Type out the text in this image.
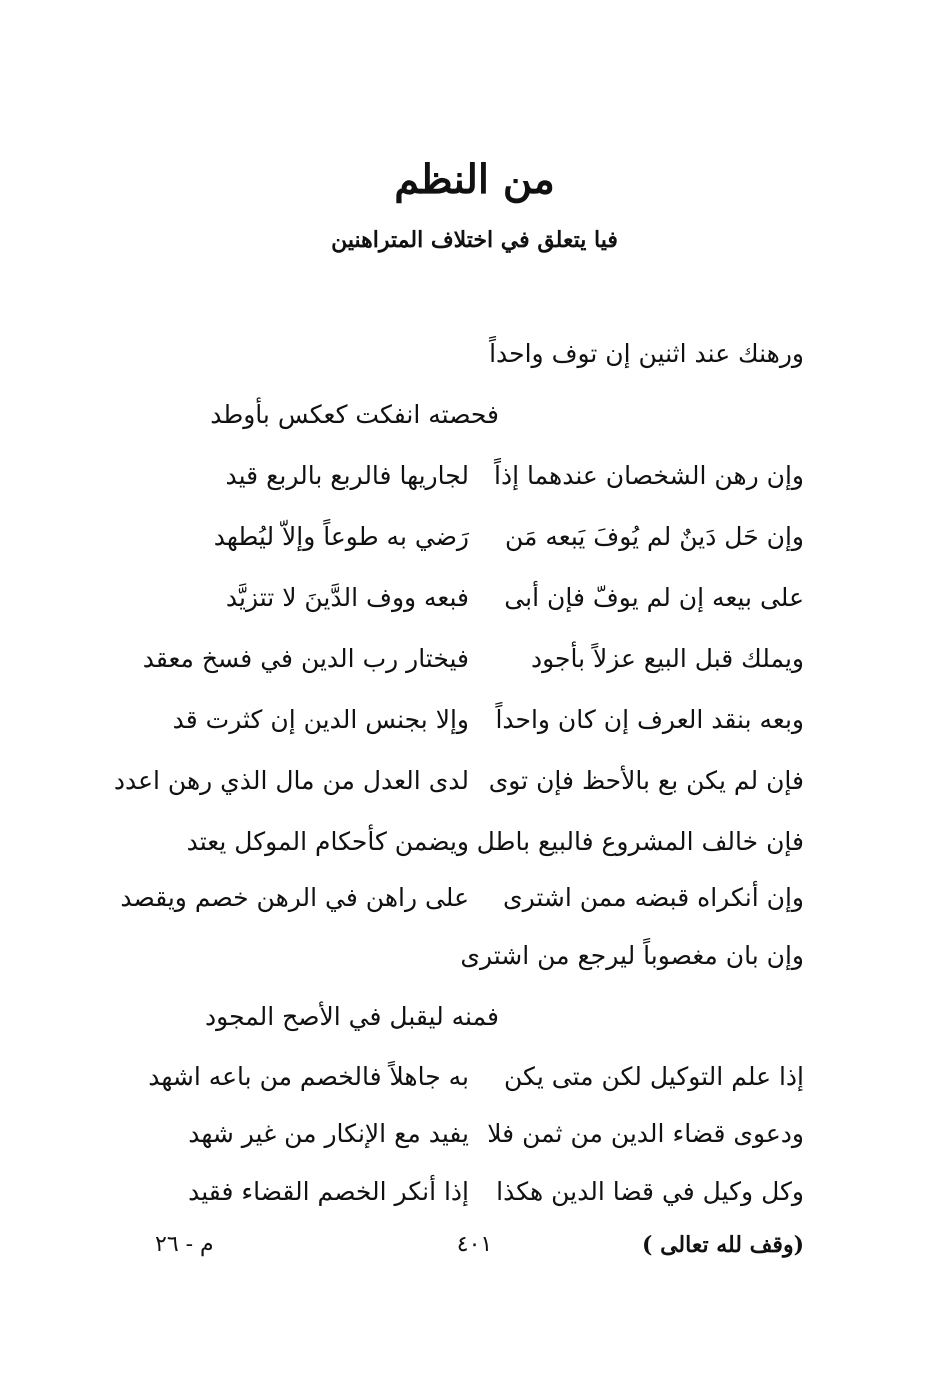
من النظم
فيا يتعلق في اختلاف المتراهنين
ورهنك عند اثنين إن توف واحداً
فحصته انفكت كعكس بأوطد
وإن رهن الشخصان عندهما إذاً
لجاريها فالربع بالربع قيد
وإن حَل دَينٌ لم يُوفَ يَبعه مَن
رَضي به طوعاً وإلاّ ليُطهد
على بيعه إن لم يوفّ فإن أبى
فبعه ووف الدَّينَ لا تتزيَّد
ويملك قبل البيع عزلاً بأجود
فيختار رب الدين في فسخ معقد
وبعه بنقد العرف إن كان واحداً
وإلا بجنس الدين إن كثرت قد
فإن لم يكن بع بالأحظ فإن توى
لدى العدل من مال الذي رهن اعدد
فإن خالف المشروع فالبيع باطل
ويضمن كأحكام الموكل يعتد
وإن أنكراه قبضه ممن اشترى
على راهن في الرهن خصم ويقصد
وإن بان مغصوباً ليرجع من اشترى
فمنه ليقبل في الأصح المجود
إذا علم التوكيل لكن متى يكن
به جاهلاً فالخصم من باعه اشهد
ودعوى قضاء الدين من ثمن فلا
يفيد مع الإنكار من غير شهد
وكل وكيل في قضا الدين هكذا
إذا أنكر الخصم القضاء فقيد
(وقف لله تعالى )
٤٠١
م - ٢٦
